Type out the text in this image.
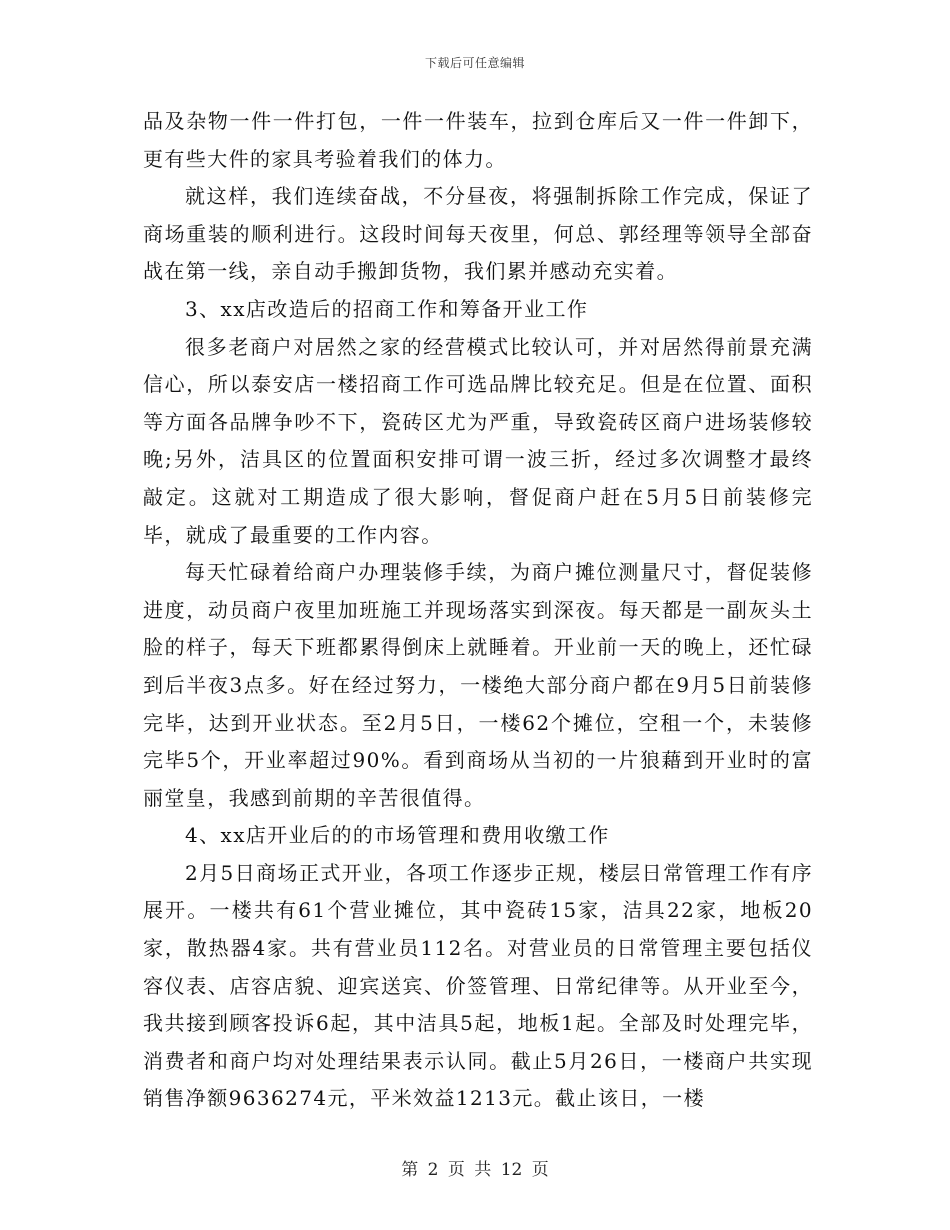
下载后可任意编辑

品及杂物一件一件打包，一件一件装车，拉到仓库后又一件一件卸下，更有些大件的家具考验着我们的体力。

就这样，我们连续奋战，不分昼夜，将强制拆除工作完成，保证了商场重装的顺利进行。这段时间每天夜里，何总、郭经理等领导全部奋战在第一线，亲自动手搬卸货物，我们累并感动充实着。

3、xx店改造后的招商工作和筹备开业工作

很多老商户对居然之家的经营模式比较认可，并对居然得前景充满信心，所以泰安店一楼招商工作可选品牌比较充足。但是在位置、面积等方面各品牌争吵不下，瓷砖区尤为严重，导致瓷砖区商户进场装修较晚;另外，洁具区的位置面积安排可谓一波三折，经过多次调整才最终敲定。这就对工期造成了很大影响，督促商户赶在5月5日前装修完毕，就成了最重要的工作内容。

每天忙碌着给商户办理装修手续，为商户摊位测量尺寸，督促装修进度，动员商户夜里加班施工并现场落实到深夜。每天都是一副灰头土脸的样子，每天下班都累得倒床上就睡着。开业前一天的晚上，还忙碌到后半夜3点多。好在经过努力，一楼绝大部分商户都在9月5日前装修完毕，达到开业状态。至2月5日，一楼62个摊位，空租一个，未装修完毕5个，开业率超过90%。看到商场从当初的一片狼藉到开业时的富丽堂皇，我感到前期的辛苦很值得。

4、xx店开业后的的市场管理和费用收缴工作

2月5日商场正式开业，各项工作逐步正规，楼层日常管理工作有序展开。一楼共有61个营业摊位，其中瓷砖15家，洁具22家，地板20家，散热器4家。共有营业员112名。对营业员的日常管理主要包括仪容仪表、店容店貌、迎宾送宾、价签管理、日常纪律等。从开业至今，我共接到顾客投诉6起，其中洁具5起，地板1起。全部及时处理完毕，消费者和商户均对处理结果表示认同。截止5月26日，一楼商户共实现销售净额9636274元，平米效益1213元。截止该日，一楼

第 2 页 共 12 页
